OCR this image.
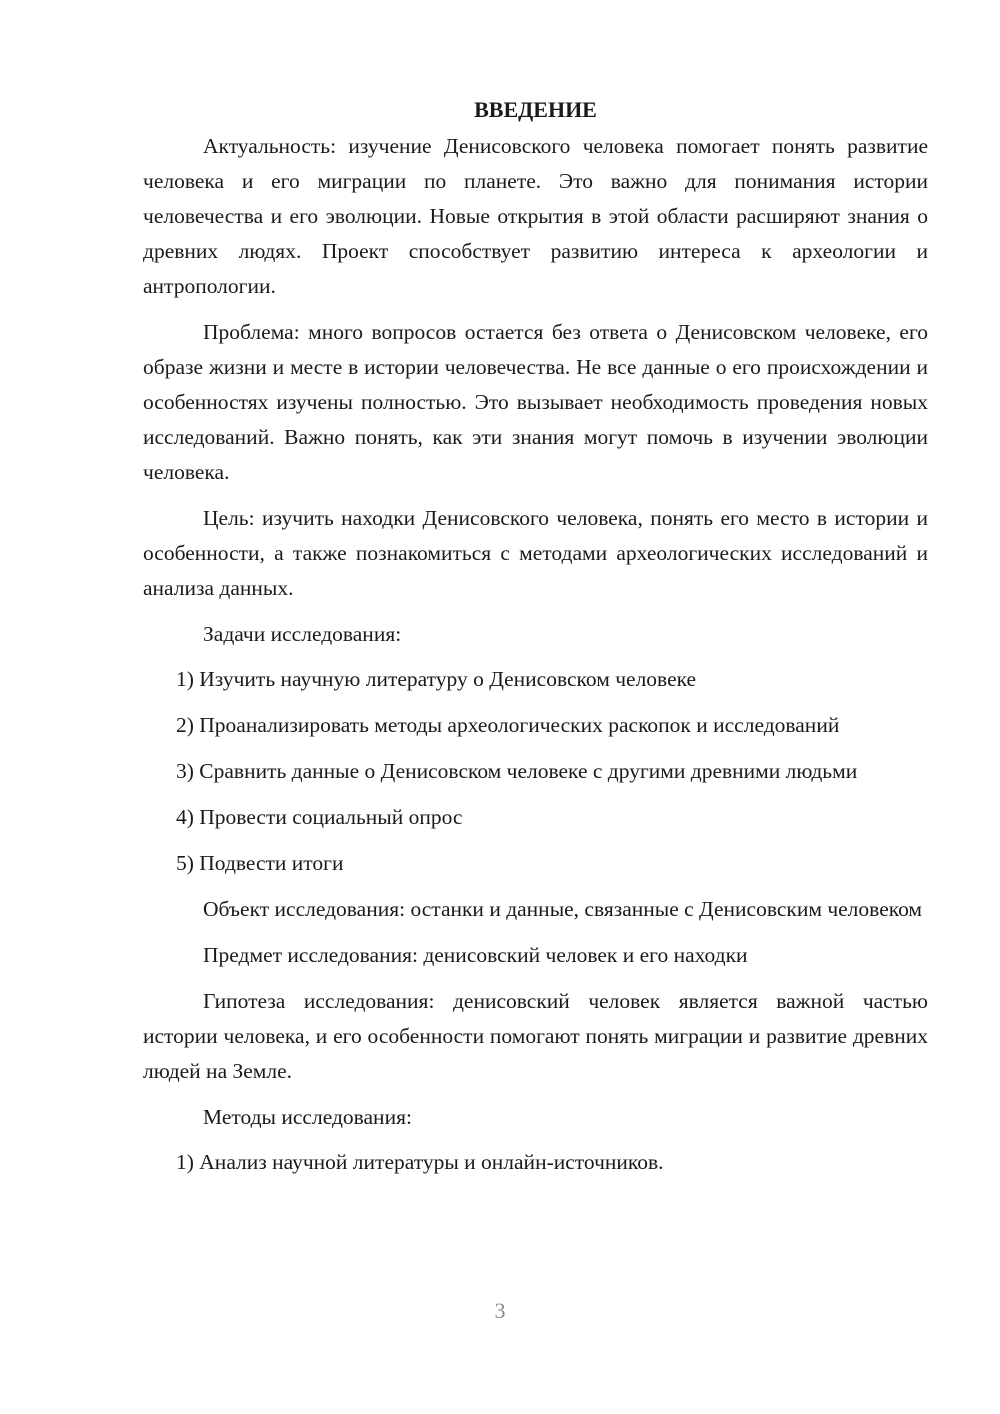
ВВЕДЕНИЕ

Актуальность: изучение Денисовского человека помогает понять развитие человека и его миграции по планете. Это важно для понимания истории человечества и его эволюции. Новые открытия в этой области расширяют знания о древних людях. Проект способствует развитию интереса к археологии и антропологии.

Проблема: много вопросов остается без ответа о Денисовском человеке, его образе жизни и месте в истории человечества. Не все данные о его происхождении и особенностях изучены полностью. Это вызывает необходимость проведения новых исследований. Важно понять, как эти знания могут помочь в изучении эволюции человека.

Цель: изучить находки Денисовского человека, понять его место в истории и особенности, а также познакомиться с методами археологических исследований и анализа данных.

Задачи исследования:

1) Изучить научную литературу о Денисовском человеке

2) Проанализировать методы археологических раскопок и исследований

3) Сравнить данные о Денисовском человеке с другими древними людьми

4) Провести социальный опрос

5) Подвести итоги

Объект исследования: останки и данные, связанные с Денисовским человеком

Предмет исследования: денисовский человек и его находки

Гипотеза исследования: денисовский человек является важной частью истории человека, и его особенности помогают понять миграции и развитие древних людей на Земле.

Методы исследования:

1) Анализ научной литературы и онлайн-источников.

3
